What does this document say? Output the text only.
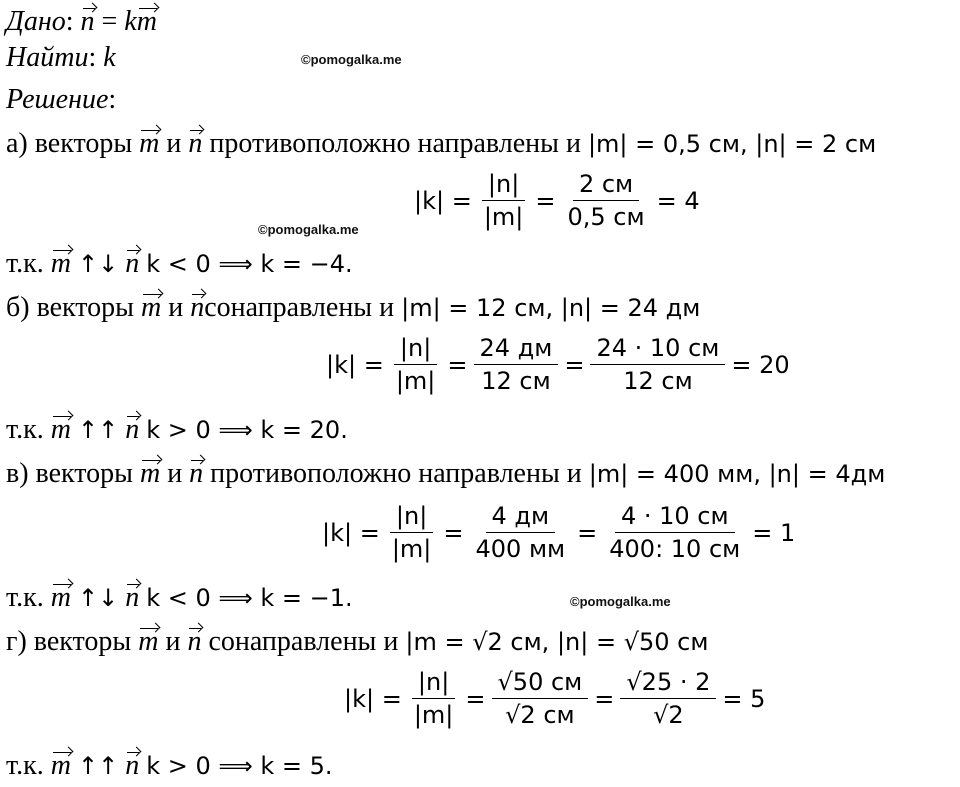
Дано: n = km
Найти: k
Решение:
©pomogalka.me
©pomogalka.me
©pomogalka.me
а) векторы m и n противоположно направлены и |m| = 0,5 см, |n| = 2 см
$|k| = \frac{|n|}{|m|} = \frac{2 см}{0,5 см} = 4$
т.к. m ↑↓ n k < 0 ⟹ k = −4.
б) векторы m и nсонаправлены и |m| = 12 см, |n| = 24 дм
$|k| = \frac{|n|}{|m|} = \frac{24 дм}{12 см} = \frac{24 \cdot 10 см}{12 см} = 20$
т.к. m ↑↑ n k > 0 ⟹ k = 20.
в) векторы m и n противоположно направлены и |m| = 400 мм, |n| = 4дм
$|k| = \frac{|n|}{|m|} = \frac{4 дм}{400 мм} = \frac{4 \cdot 10 см}{400: 10 см} = 1$
т.к. m ↑↓ n k < 0 ⟹ k = −1.
г) векторы m и n сонаправлены и |m = √2 см, |n| = √50 см
$|k| = \frac{|n|}{|m|} = \frac{√50 см}{√2 см} = \frac{√25 \cdot 2}{√2} = 5$
т.к. m ↑↑ n k > 0 ⟹ k = 5.
